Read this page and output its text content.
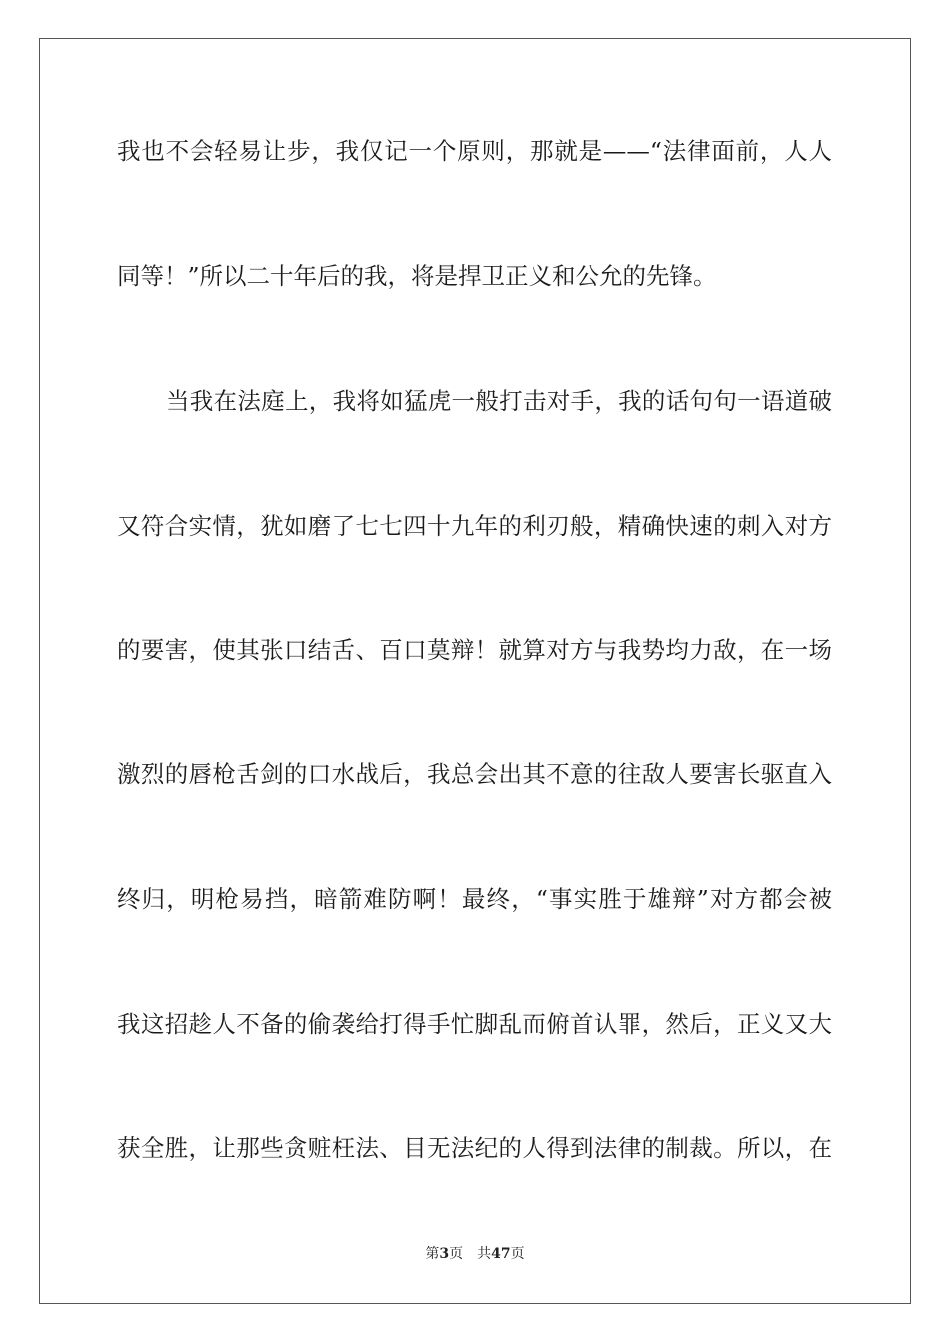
我也不会轻易让步，我仅记一个原则，那就是——“法律面前，人人
同等！”所以二十年后的我，将是捍卫正义和公允的先锋。
当我在法庭上，我将如猛虎一般打击对手，我的话句句一语道破
又符合实情，犹如磨了七七四十九年的利刃般，精确快速的刺入对方
的要害，使其张口结舌、百口莫辩！就算对方与我势均力敌，在一场
激烈的唇枪舌剑的口水战后，我总会出其不意的往敌人要害长驱直入
终归，明枪易挡，暗箭难防啊！最终，“事实胜于雄辩”对方都会被
我这招趁人不备的偷袭给打得手忙脚乱而俯首认罪，然后，正义又大
获全胜，让那些贪赃枉法、目无法纪的人得到法律的制裁。所以，在
第3页 共47页
